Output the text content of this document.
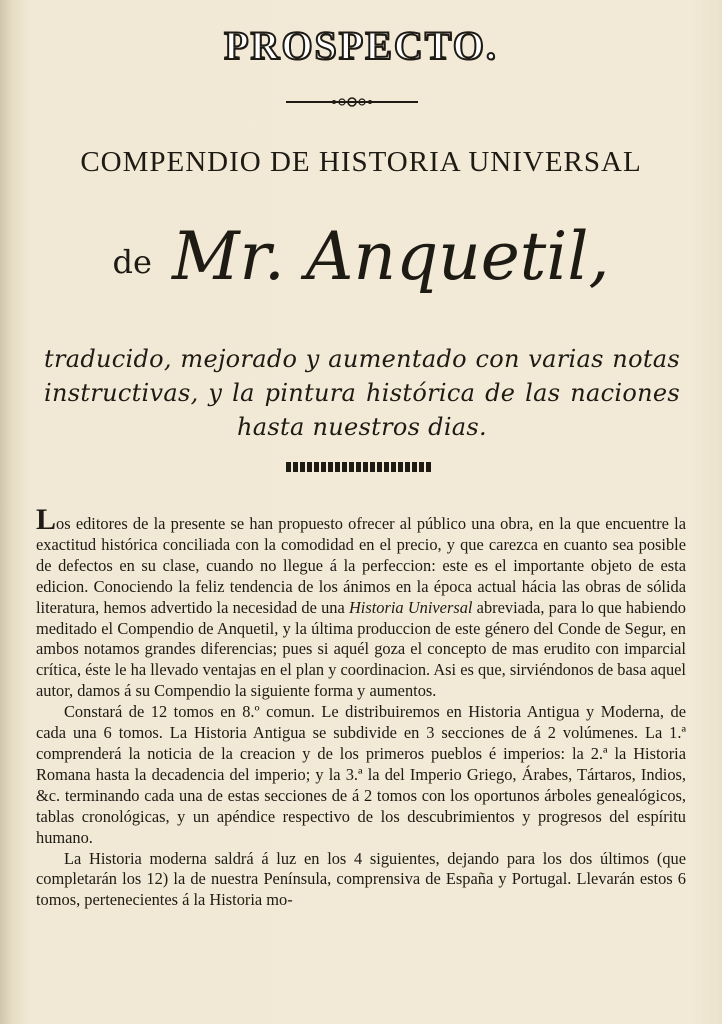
PROSPECTO.
COMPENDIO DE HISTORIA UNIVERSAL
de Mr. Anquetil,
traducido, mejorado y aumentado con varias notas instructivas, y la pintura histórica de las naciones hasta nuestros dias.

Los editores de la presente se han propuesto ofrecer al público una obra, en la que encuentre la exactitud histórica conciliada con la comodidad en el precio, y que carezca en cuanto sea posible de defectos en su clase, cuando no llegue á la perfeccion: este es el importante objeto de esta edicion. Conociendo la feliz tendencia de los ánimos en la época actual hácia las obras de sólida literatura, hemos advertido la necesidad de una Historia Universal abreviada, para lo que habiendo meditado el Compendio de Anquetil, y la última produccion de este género del Conde de Segur, en ambos notamos grandes diferencias; pues si aquél goza el concepto de mas erudito con imparcial crítica, éste le ha llevado ventajas en el plan y coordinacion. Asi es que, sirviéndonos de basa aquel autor, damos á su Compendio la siguiente forma y aumentos.

Constará de 12 tomos en 8.º comun. Le distribuiremos en Historia Antigua y Moderna, de cada una 6 tomos. La Historia Antigua se subdivide en 3 secciones de á 2 volúmenes. La 1.ª comprenderá la noticia de la creacion y de los primeros pueblos é imperios: la 2.ª la Historia Romana hasta la decadencia del imperio; y la 3.ª la del Imperio Griego, Árabes, Tártaros, Indios, &c. terminando cada una de estas secciones de á 2 tomos con los oportunos árboles genealógicos, tablas cronológicas, y un apéndice respectivo de los descubrimientos y progresos del espíritu humano.

La Historia moderna saldrá á luz en los 4 siguientes, dejando para los dos últimos (que completarán los 12) la de nuestra Península, comprensiva de España y Portugal. Llevarán estos 6 tomos, pertenecientes á la Historia mo-
